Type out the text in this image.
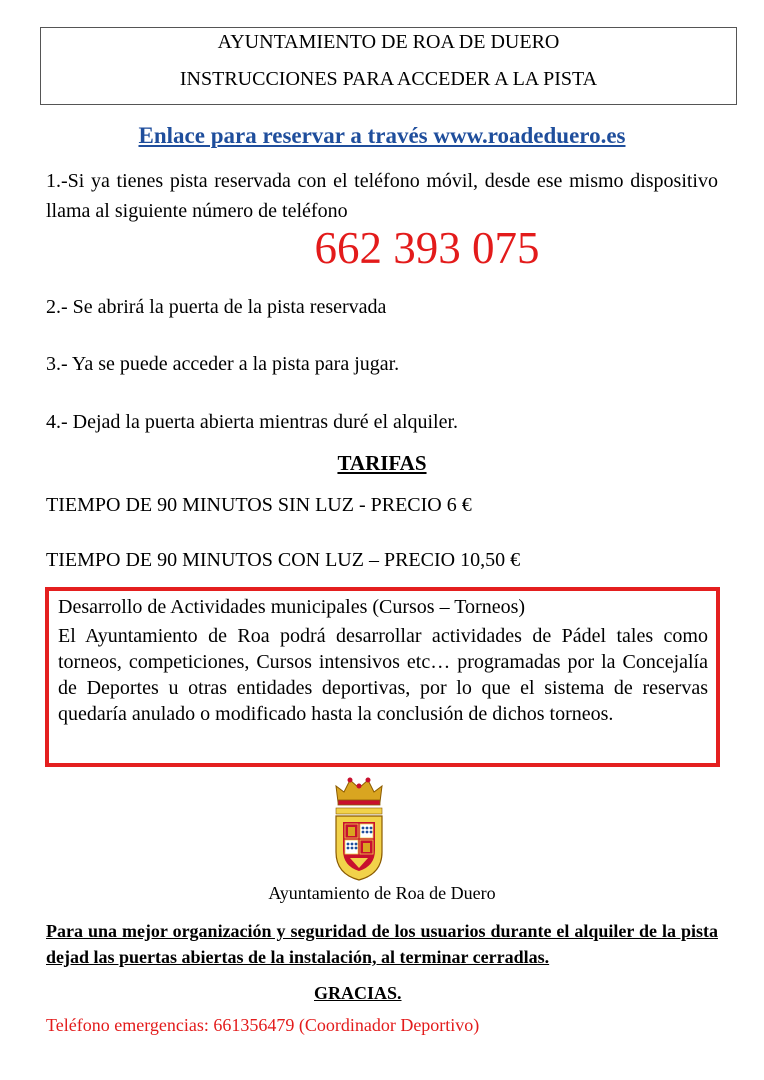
AYUNTAMIENTO DE ROA DE DUERO
INSTRUCCIONES PARA ACCEDER A LA PISTA
Enlace para reservar a través www.roadeduero.es
1.-Si ya tienes pista reservada con el teléfono móvil, desde ese mismo dispositivo llama al siguiente número de teléfono
662 393 075
2.- Se abrirá la puerta de la pista reservada
3.- Ya se puede acceder a la pista para jugar.
4.- Dejad la puerta abierta mientras duré el alquiler.
TARIFAS
TIEMPO DE 90 MINUTOS SIN LUZ - PRECIO 6 €
TIEMPO DE 90 MINUTOS CON LUZ – PRECIO 10,50 €
Desarrollo de Actividades municipales (Cursos – Torneos)
El Ayuntamiento de Roa podrá desarrollar actividades de Pádel tales como torneos, competiciones, Cursos intensivos etc… programadas por la Concejalía de Deportes u otras entidades deportivas, por lo que el sistema de reservas quedaría anulado o modificado hasta la conclusión de dichos torneos.
Ayuntamiento de Roa de Duero
Para una mejor organización y seguridad de los usuarios durante el alquiler de la pista dejad las puertas abiertas de la instalación, al terminar cerradlas.
GRACIAS.
Teléfono emergencias: 661356479 (Coordinador Deportivo)
